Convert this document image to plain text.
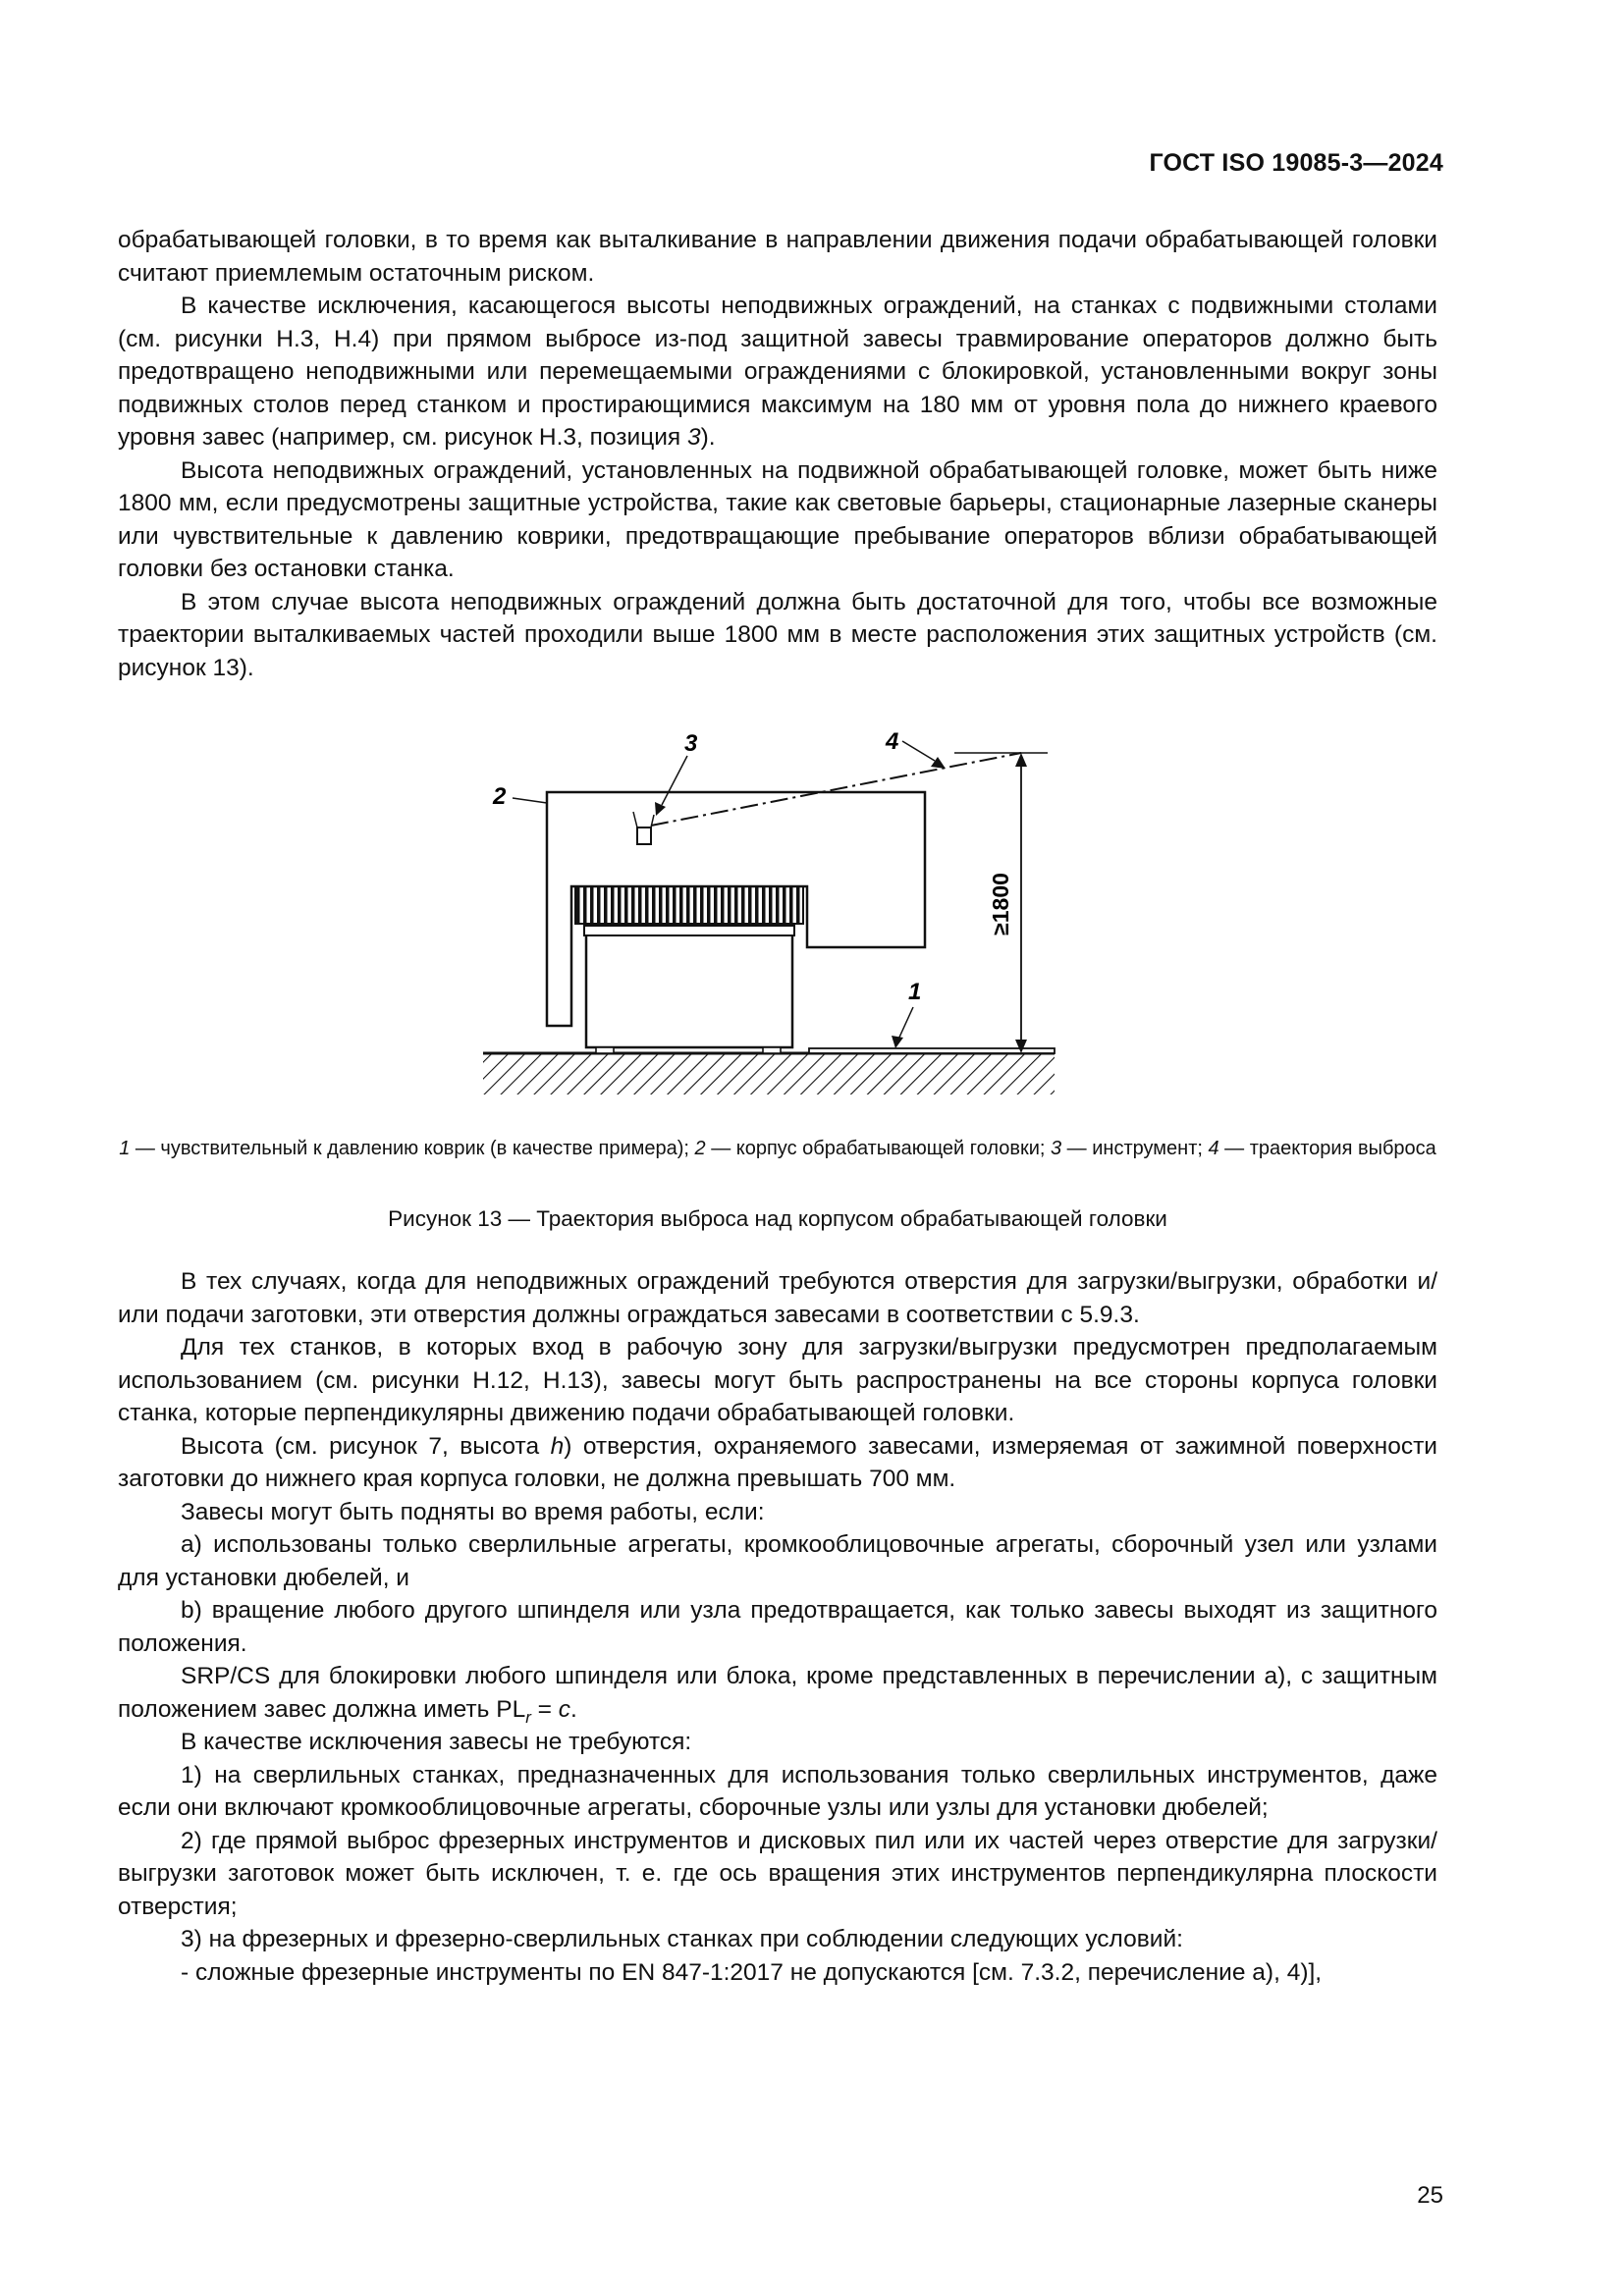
ГОСТ ISO 19085-3—2024

обрабатывающей головки, в то время как выталкивание в направлении движения подачи обрабатывающей головки считают приемлемым остаточным риском.

В качестве исключения, касающегося высоты неподвижных ограждений, на станках с подвижными столами (см. рисунки H.3, H.4) при прямом выбросе из-под защитной завесы травмирование операторов должно быть предотвращено неподвижными или перемещаемыми ограждениями с блокировкой, установленными вокруг зоны подвижных столов перед станком и простирающимися максимум на 180 мм от уровня пола до нижнего краевого уровня завес (например, см. рисунок H.3, позиция 3).

Высота неподвижных ограждений, установленных на подвижной обрабатывающей головке, может быть ниже 1800 мм, если предусмотрены защитные устройства, такие как световые барьеры, стационарные лазерные сканеры или чувствительные к давлению коврики, предотвращающие пребывание операторов вблизи обрабатывающей головки без остановки станка.

В этом случае высота неподвижных ограждений должна быть достаточной для того, чтобы все возможные траектории выталкиваемых частей проходили выше 1800 мм в месте расположения этих защитных устройств (см. рисунок 13).

≥1800
2
3	4
1
1 — чувствительный к давлению коврик (в качестве примера); 2 — корпус обрабатывающей головки; 3 — инструмент; 4 — траектория выброса
Рисунок 13 — Траектория выброса над корпусом обрабатывающей головки

В тех случаях, когда для неподвижных ограждений требуются отверстия для загрузки/выгрузки, обработки и/или подачи заготовки, эти отверстия должны ограждаться завесами в соответствии с 5.9.3.

Для тех станков, в которых вход в рабочую зону для загрузки/выгрузки предусмотрен предполагаемым использованием (см. рисунки H.12, H.13), завесы могут быть распространены на все стороны корпуса головки станка, которые перпендикулярны движению подачи обрабатывающей головки.

Высота (см. рисунок 7, высота h) отверстия, охраняемого завесами, измеряемая от зажимной поверхности заготовки до нижнего края корпуса головки, не должна превышать 700 мм.

Завесы могут быть подняты во время работы, если:

a) использованы только сверлильные агрегаты, кромкооблицовочные агрегаты, сборочный узел или узлами для установки дюбелей, и

b) вращение любого другого шпинделя или узла предотвращается, как только завесы выходят из защитного положения.

SRP/CS для блокировки любого шпинделя или блока, кроме представленных в перечислении a), с защитным положением завес должна иметь $PL_r = c$.

В качестве исключения завесы не требуются:

1) на сверлильных станках, предназначенных для использования только сверлильных инструментов, даже если они включают кромкооблицовочные агрегаты, сборочные узлы или узлы для установки дюбелей;

2) где прямой выброс фрезерных инструментов и дисковых пил или их частей через отверстие для загрузки/выгрузки заготовок может быть исключен, т. е. где ось вращения этих инструментов перпендикулярна плоскости отверстия;

3) на фрезерных и фрезерно-сверлильных станках при соблюдении следующих условий:

- сложные фрезерные инструменты по EN 847-1:2017 не допускаются [см. 7.3.2, перечисление a), 4)],

25
